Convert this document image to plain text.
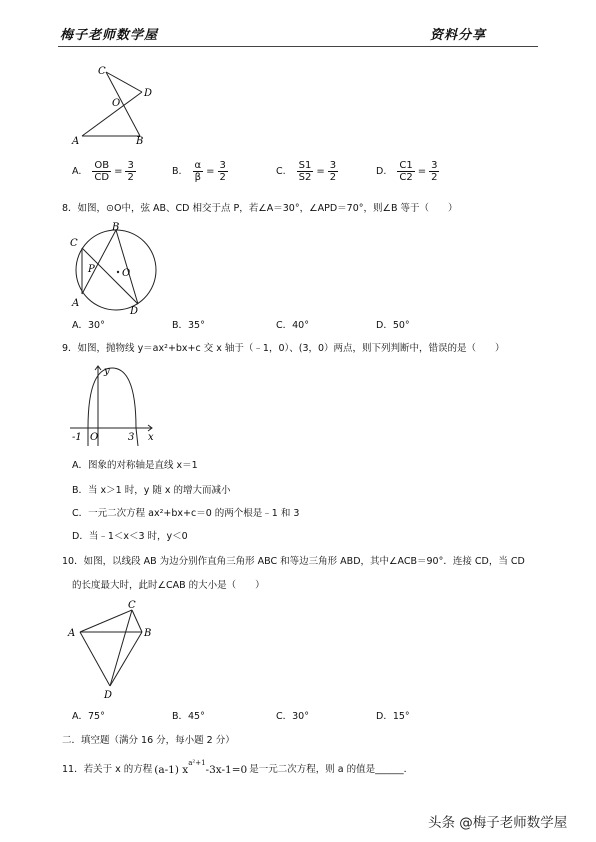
梅子老师数学屋	资料分享
C
D
O
A	B
A. $\frac{OB}{CD} = \frac{3}{2}$	B. $\frac{\alpha}{\beta} = \frac{3}{2}$	C. $\frac{S1}{S2} = \frac{3}{2}$	D. $\frac{C1}{C2} = \frac{3}{2}$
8．如图，⊙O中，弦 AB、CD 相交于点 P，若∠A＝30°，∠APD＝70°，则∠B 等于（　　）
B
C
P	O
A
D
A．30°	B．35°	C．40°	D．50°
9．如图，抛物线 y＝ax²+bx+c 交 x 轴于（﹣1，0）、(3，0）两点，则下列判断中，错误的是（　　）
y
-1 O	3 x
A．图象的对称轴是直线 x＝1
B．当 x＞1 时，y 随 x 的增大而减小
C．一元二次方程 ax²+bx+c＝0 的两个根是﹣1 和 3
D．当﹣1＜x＜3 时，y＜0
10．如图，以线段 AB 为边分别作直角三角形 ABC 和等边三角形 ABD，其中∠ACB＝90°．连接 CD，当 CD
的长度最大时，此时∠CAB 的大小是（　　）
C
A	B
D
A．75°	B．45°	C．30°	D．15°
二．填空题（满分 16 分，每小题 2 分）
11．若关于 x 的方程 (a-1) x
a²+1
-3x-1=0 是一元二次方程，则 a 的值是______．
头条 @梅子老师数学屋
